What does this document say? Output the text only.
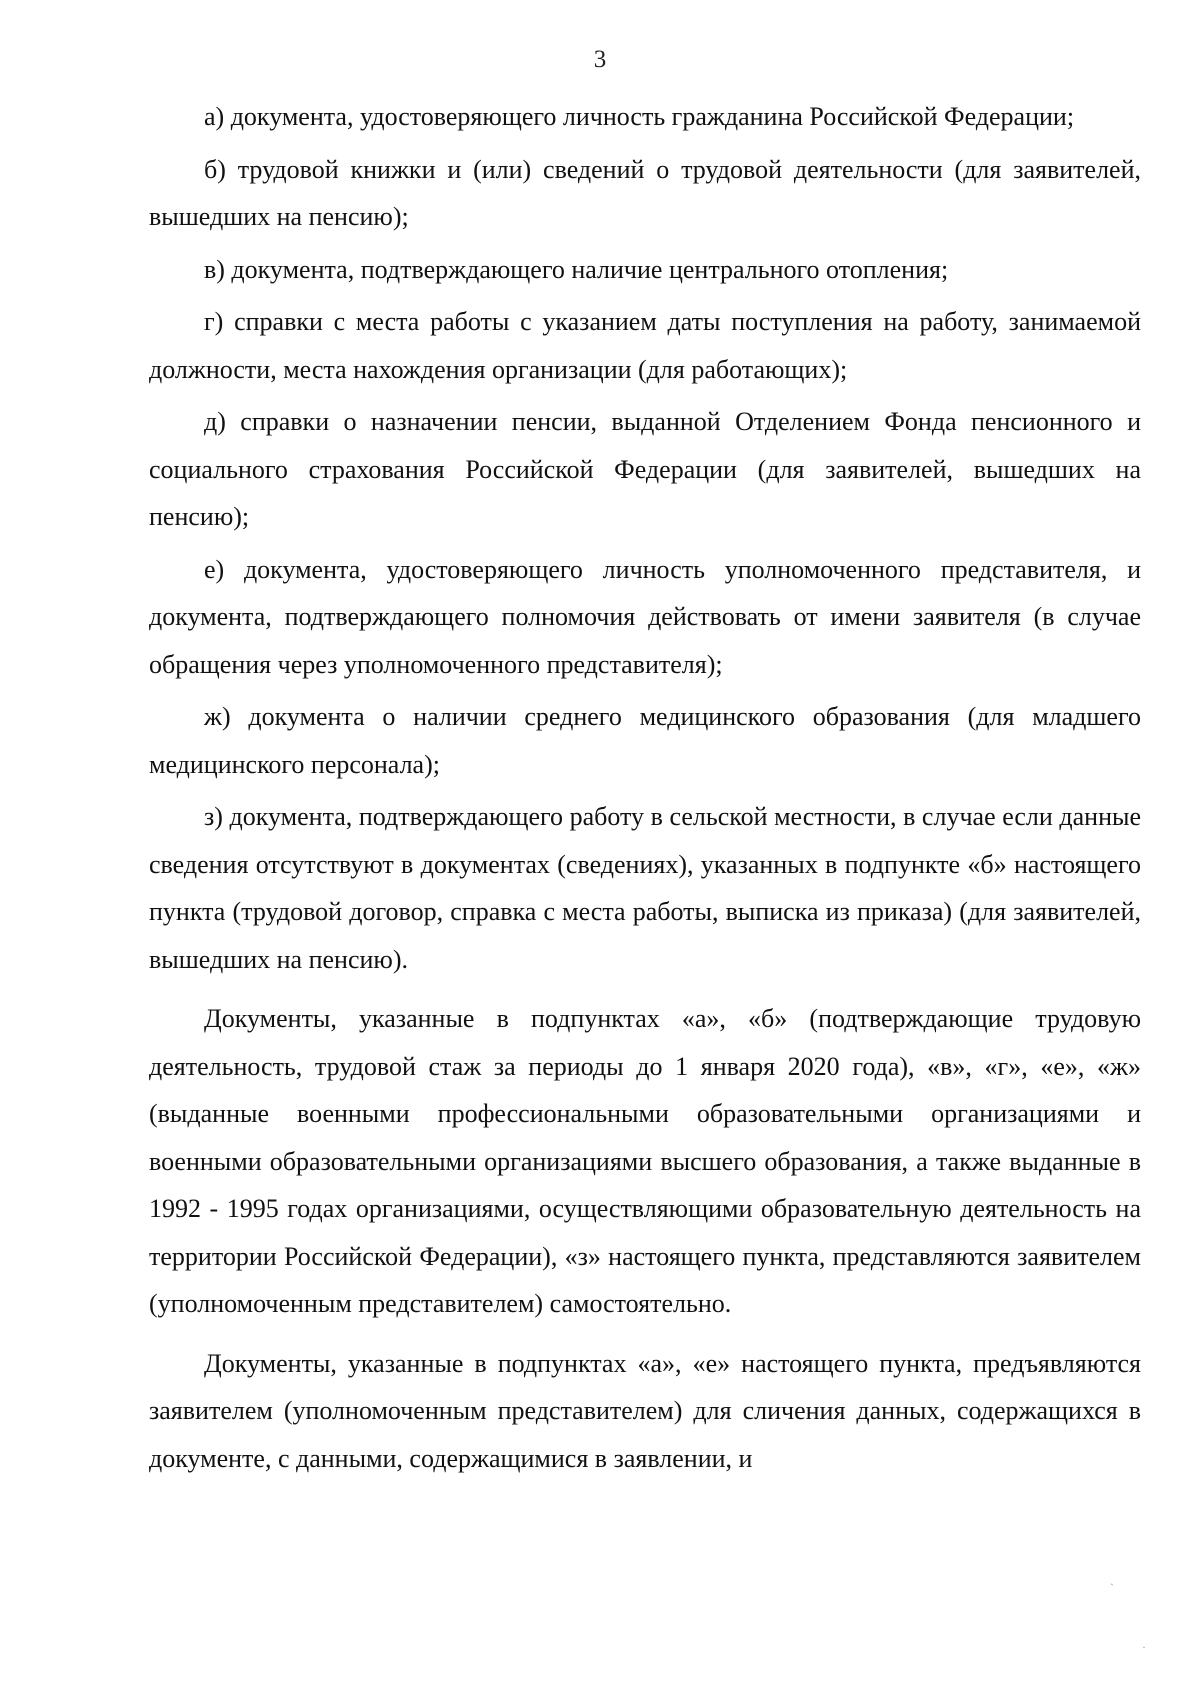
3

а) документа, удостоверяющего личность гражданина Российской Федерации;

б) трудовой книжки и (или) сведений о трудовой деятельности (для заявителей, вышедших на пенсию);

в) документа, подтверждающего наличие центрального отопления;

г) справки с места работы с указанием даты поступления на работу, занимаемой должности, места нахождения организации (для работающих);

д) справки о назначении пенсии, выданной Отделением Фонда пенсионного и социального страхования Российской Федерации (для заявителей, вышедших на пенсию);

е) документа, удостоверяющего личность уполномоченного представителя, и документа, подтверждающего полномочия действовать от имени заявителя (в случае обращения через уполномоченного представителя);

ж) документа о наличии среднего медицинского образования (для младшего медицинского персонала);

з) документа, подтверждающего работу в сельской местности, в случае если данные сведения отсутствуют в документах (сведениях), указанных в подпункте «б» настоящего пункта (трудовой договор, справка с места работы, выписка из приказа) (для заявителей, вышедших на пенсию).

Документы, указанные в подпунктах «а», «б» (подтверждающие трудовую деятельность, трудовой стаж за периоды до 1 января 2020 года), «в», «г», «е», «ж» (выданные военными профессиональными образовательными организациями и военными образовательными организациями высшего образования, а также выданные в 1992 - 1995 годах организациями, осуществляющими образовательную деятельность на территории Российской Федерации), «з» настоящего пункта, представляются заявителем (уполномоченным представителем) самостоятельно.

Документы, указанные в подпунктах «а», «е» настоящего пункта, предъявляются заявителем (уполномоченным представителем) для сличения данных, содержащихся в документе, с данными, содержащимися в заявлении, и

ˎ
·
